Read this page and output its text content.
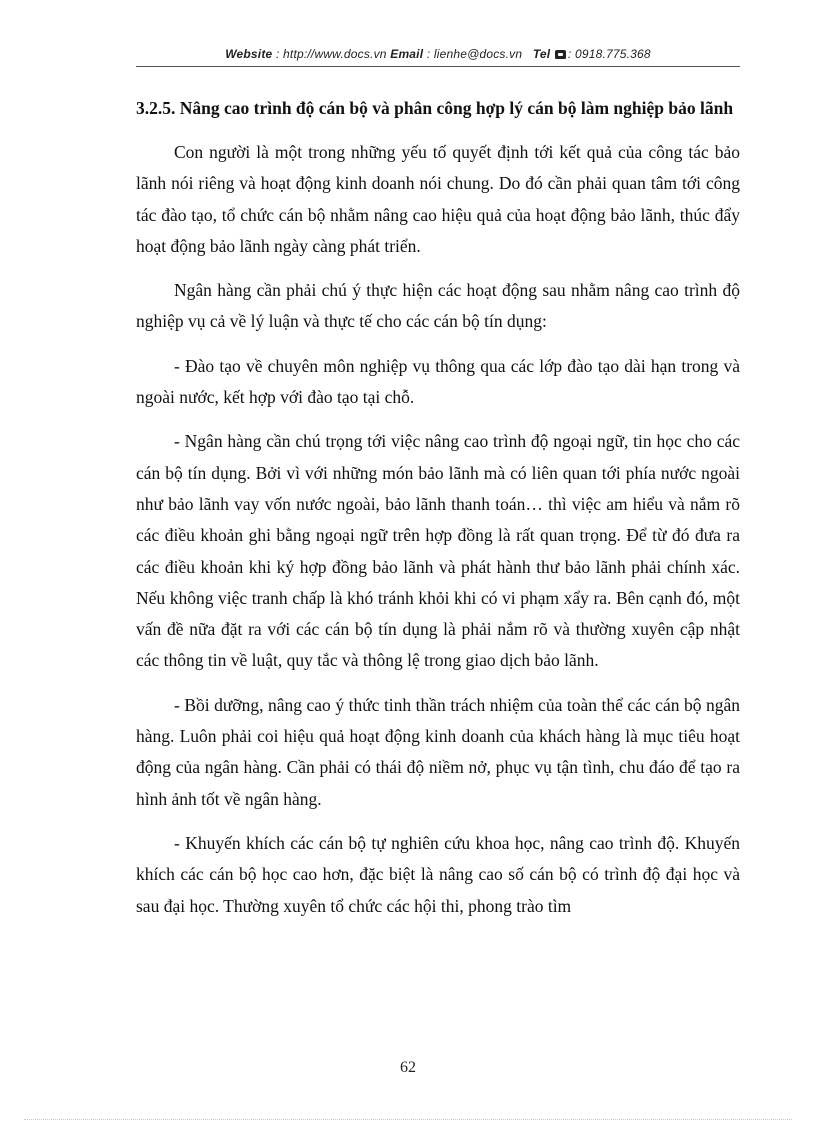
Website : http://www.docs.vn Email : lienhe@docs.vn Tel : 0918.775.368
3.2.5. Nâng cao trình độ cán bộ và phân công hợp lý cán bộ làm nghiệp bảo lãnh

Con người là một trong những yếu tố quyết định tới kết quả của công tác bảo lãnh nói riêng và hoạt động kinh doanh nói chung. Do đó cần phải quan tâm tới công tác đào tạo, tổ chức cán bộ nhằm nâng cao hiệu quả của hoạt động bảo lãnh, thúc đẩy hoạt động bảo lãnh ngày càng phát triển.

Ngân hàng cần phải chú ý thực hiện các hoạt động sau nhằm nâng cao trình độ nghiệp vụ cả về lý luận và thực tế cho các cán bộ tín dụng:

- Đào tạo về chuyên môn nghiệp vụ thông qua các lớp đào tạo dài hạn trong và ngoài nước, kết hợp với đào tạo tại chỗ.

- Ngân hàng cần chú trọng tới việc nâng cao trình độ ngoại ngữ, tin học cho các cán bộ tín dụng. Bởi vì với những món bảo lãnh mà có liên quan tới phía nước ngoài như bảo lãnh vay vốn nước ngoài, bảo lãnh thanh toán… thì việc am hiểu và nắm rõ các điều khoản ghi bằng ngoại ngữ trên hợp đồng là rất quan trọng. Để từ đó đưa ra các điều khoản khi ký hợp đồng bảo lãnh và phát hành thư bảo lãnh phải chính xác. Nếu không việc tranh chấp là khó tránh khỏi khi có vi phạm xẩy ra. Bên cạnh đó, một vấn đề nữa đặt ra với các cán bộ tín dụng là phải nắm rõ và thường xuyên cập nhật các thông tin về luật, quy tắc và thông lệ trong giao dịch bảo lãnh.

- Bồi dưỡng, nâng cao ý thức tinh thần trách nhiệm của toàn thể các cán bộ ngân hàng. Luôn phải coi hiệu quả hoạt động kinh doanh của khách hàng là mục tiêu hoạt động của ngân hàng. Cần phải có thái độ niềm nở, phục vụ tận tình, chu đáo để tạo ra hình ảnh tốt về ngân hàng.

- Khuyến khích các cán bộ tự nghiên cứu khoa học, nâng cao trình độ. Khuyến khích các cán bộ học cao hơn, đặc biệt là nâng cao số cán bộ có trình độ đại học và sau đại học. Thường xuyên tổ chức các hội thi, phong trào tìm

62
